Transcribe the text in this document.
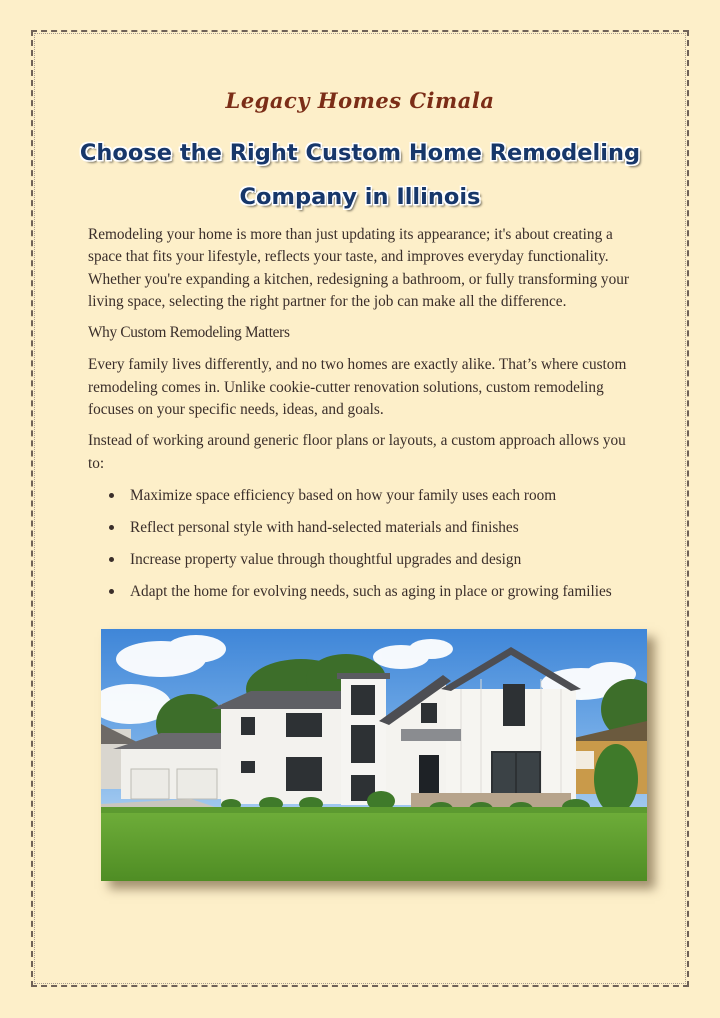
Legacy Homes Cimala
Choose the Right Custom Home Remodeling Company in Illinois

Remodeling your home is more than just updating its appearance; it's about creating a space that fits your lifestyle, reflects your taste, and improves everyday functionality. Whether you're expanding a kitchen, redesigning a bathroom, or fully transforming your living space, selecting the right partner for the job can make all the difference.

Why Custom Remodeling Matters

Every family lives differently, and no two homes are exactly alike. That’s where custom remodeling comes in. Unlike cookie-cutter renovation solutions, custom remodeling focuses on your specific needs, ideas, and goals.

Instead of working around generic floor plans or layouts, a custom approach allows you to:

Maximize space efficiency based on how your family uses each room
Reflect personal style with hand-selected materials and finishes
Increase property value through thoughtful upgrades and design
Adapt the home for evolving needs, such as aging in place or growing families
